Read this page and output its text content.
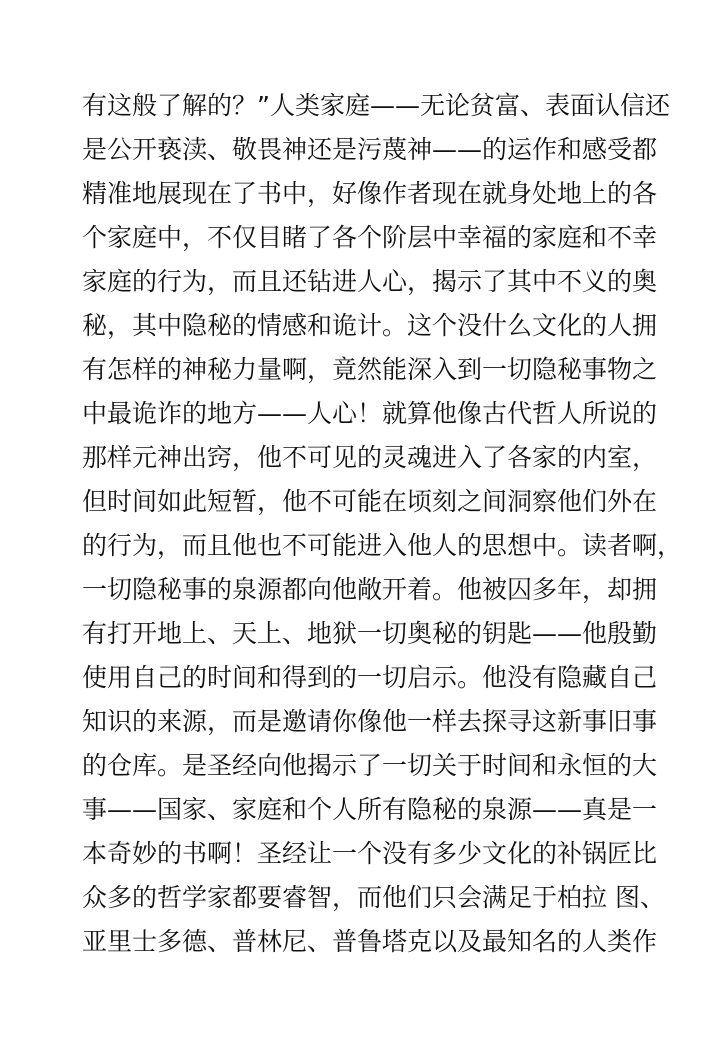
有这般了解的？”人类家庭——无论贫富、表面认信还
是公开亵渎、敬畏神还是污蔑神——的运作和感受都
精准地展现在了书中，好像作者现在就身处地上的各
个家庭中，不仅目睹了各个阶层中幸福的家庭和不幸
家庭的行为，而且还钻进人心，揭示了其中不义的奥
秘，其中隐秘的情感和诡计。这个没什么文化的人拥
有怎样的神秘力量啊，竟然能深入到一切隐秘事物之
中最诡诈的地方——人心！就算他像古代哲人所说的
那样元神出窍，他不可见的灵魂进入了各家的内室，
但时间如此短暂，他不可能在顷刻之间洞察他们外在
的行为，而且他也不可能进入他人的思想中。读者啊，
一切隐秘事的泉源都向他敞开着。他被囚多年，却拥
有打开地上、天上、地狱一切奥秘的钥匙——他殷勤
使用自己的时间和得到的一切启示。他没有隐藏自己
知识的来源，而是邀请你像他一样去探寻这新事旧事
的仓库。是圣经向他揭示了一切关于时间和永恒的大
事——国家、家庭和个人所有隐秘的泉源——真是一
本奇妙的书啊！圣经让一个没有多少文化的补锅匠比
众多的哲学家都要睿智，而他们只会满足于柏拉 图、
亚里士多德、普林尼、普鲁塔克以及最知名的人类作
